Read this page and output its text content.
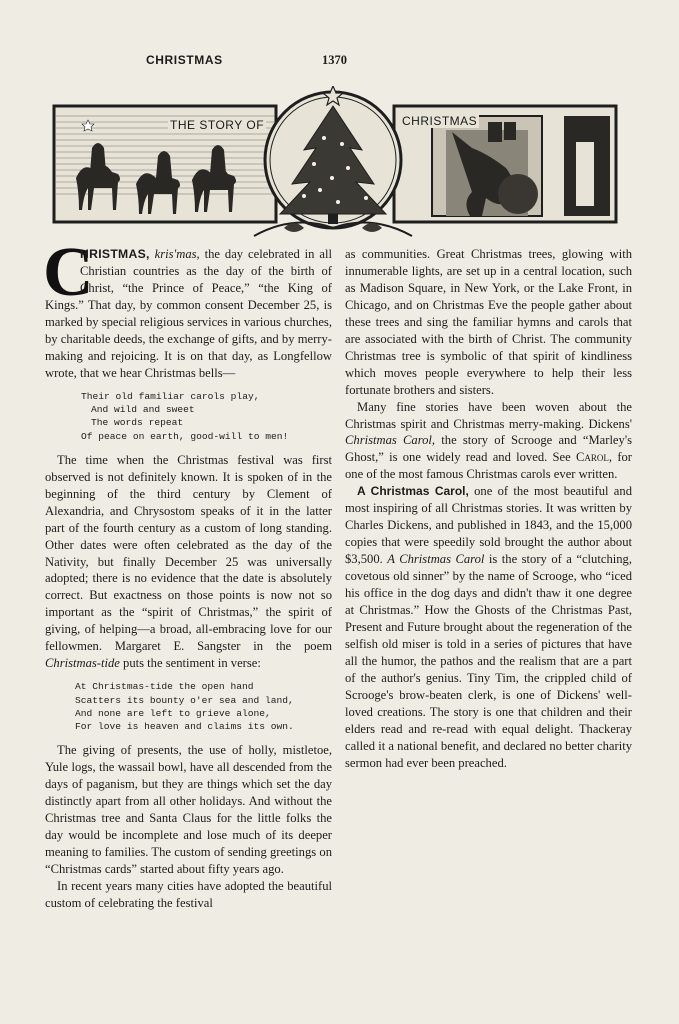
CHRISTMAS	1370
THE STORY OF	CHRISTMAS

C
HRISTMAS, kris'mas, the day celebrated in all Christian countries as the day of the birth of Christ, “the Prince of Peace,” “the King of Kings.” That day, by common consent December 25, is marked by special religious services in various churches, by charitable deeds, the exchange of gifts, and by merry-making and rejoicing. It is on that day, as Longfellow wrote, that we hear Christmas bells—

Their old familiar carols play,
And wild and sweet
The words repeat
Of peace on earth, good-will to men!

The time when the Christmas festival was first observed is not definitely known. It is spoken of in the beginning of the third century by Clement of Alexandria, and Chrysostom speaks of it in the latter part of the fourth century as a custom of long standing. Other dates were often celebrated as the day of the Nativity, but finally December 25 was universally adopted; there is no evidence that the date is absolutely correct. But exactness on those points is now not so important as the “spirit of Christmas,” the spirit of giving, of helping—a broad, all-embracing love for our fellowmen. Margaret E. Sangster in the poem Christmas-tide puts the sentiment in verse:

At Christmas-tide the open hand
Scatters its bounty o'er sea and land,
And none are left to grieve alone,
For love is heaven and claims its own.

The giving of presents, the use of holly, mistletoe, Yule logs, the wassail bowl, have all descended from the days of paganism, but they are things which set the day distinctly apart from all other holidays. And without the Christmas tree and Santa Claus for the little folks the day would be incomplete and lose much of its deeper meaning to families. The custom of sending greetings on “Christmas cards” started about fifty years ago.

In recent years many cities have adopted the beautiful custom of celebrating the festival

as communities. Great Christmas trees, glowing with innumerable lights, are set up in a central location, such as Madison Square, in New York, or the Lake Front, in Chicago, and on Christmas Eve the people gather about these trees and sing the familiar hymns and carols that are associated with the birth of Christ. The community Christmas tree is symbolic of that spirit of kindliness which moves people everywhere to help their less fortunate brothers and sisters.

Many fine stories have been woven about the Christmas spirit and Christmas merry-making. Dickens' Christmas Carol, the story of Scrooge and “Marley's Ghost,” is one widely read and loved. See Carol, for one of the most famous Christmas carols ever written.

A Christmas Carol, one of the most beautiful and most inspiring of all Christmas stories. It was written by Charles Dickens, and published in 1843, and the 15,000 copies that were speedily sold brought the author about $3,500. A Christmas Carol is the story of a “clutching, covetous old sinner” by the name of Scrooge, who “iced his office in the dog days and didn't thaw it one degree at Christmas.” How the Ghosts of the Christmas Past, Present and Future brought about the regeneration of the selfish old miser is told in a series of pictures that have all the humor, the pathos and the realism that are a part of the author's genius. Tiny Tim, the crippled child of Scrooge's brow-beaten clerk, is one of Dickens' well-loved creations. The story is one that children and their elders read and re-read with equal delight. Thackeray called it a national benefit, and declared no better charity sermon had ever been preached.
